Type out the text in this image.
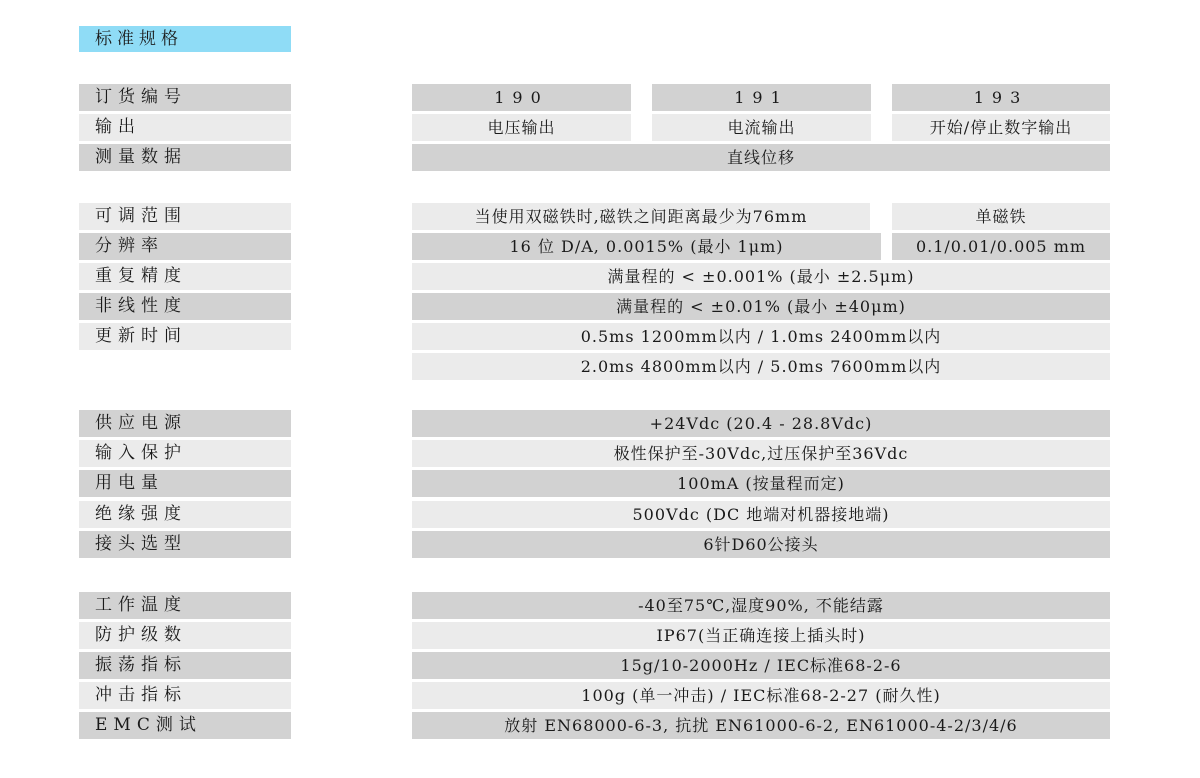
标准规格
订货编号	190	191	193
输出	电压输出	电流输出	开始/停止数字输出
测量数据	直线位移
可调范围	当使用双磁铁时,磁铁之间距离最少为76mm	单磁铁
分辨率	16 位 D/A, 0.0015% (最小 1μm)	0.1/0.01/0.005 mm
重复精度	满量程的 < ±0.001% (最小 ±2.5μm)
非线性度	满量程的 < ±0.01% (最小 ±40μm)
更新时间	0.5ms 1200mm以内 / 1.0ms 2400mm以内
2.0ms 4800mm以内 / 5.0ms 7600mm以内
供应电源	+24Vdc (20.4 - 28.8Vdc)
输入保护	极性保护至-30Vdc,过压保护至36Vdc
用电量	100mA (按量程而定)
绝缘强度	500Vdc (DC 地端对机器接地端)
接头选型	6针D60公接头
工作温度	-40至75℃,湿度90%, 不能结露
防护级数	IP67(当正确连接上插头时)
振荡指标	15g/10-2000Hz / IEC标准68-2-6
冲击指标	100g (单一冲击) / IEC标准68-2-27 (耐久性)
EMC测试	放射 EN68000-6-3, 抗扰 EN61000-6-2, EN61000-4-2/3/4/6
